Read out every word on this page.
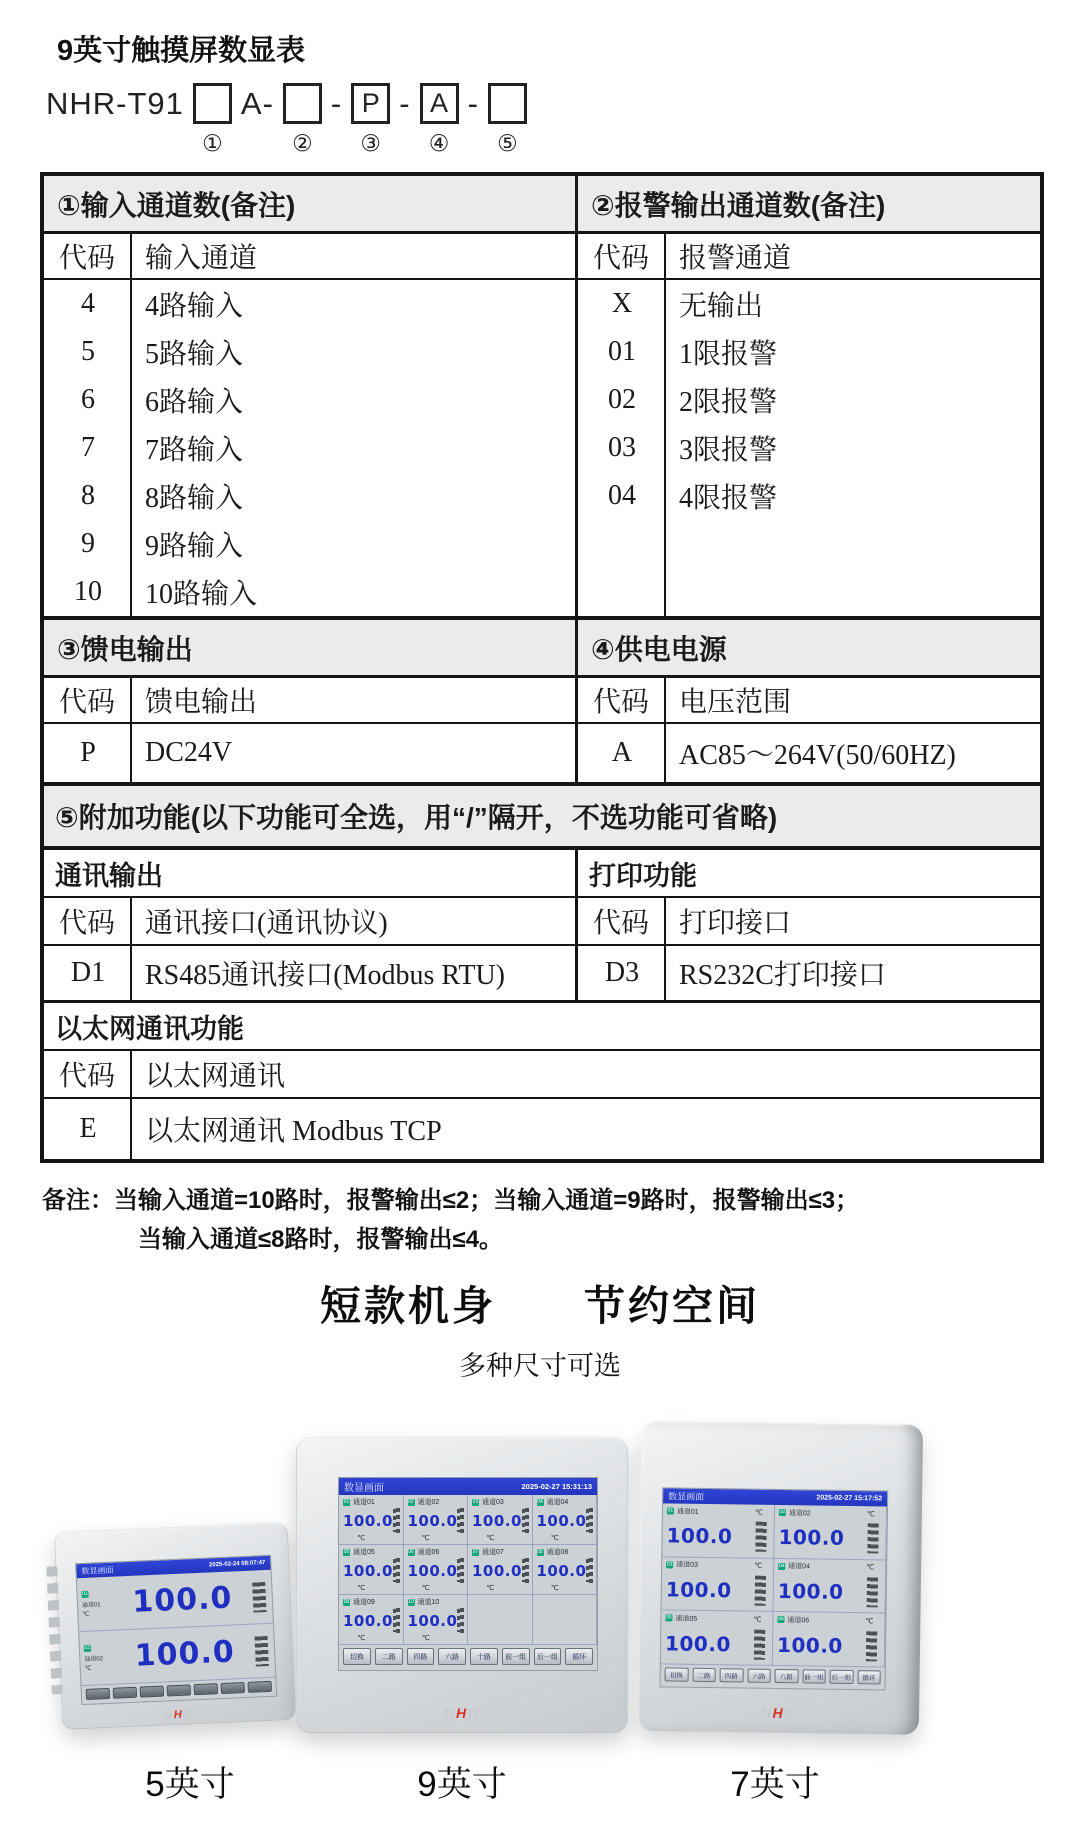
9英寸触摸屏数显表
NHR-T91
①
A-
②
- P
③
- A
④
-
⑤
①输入通道数(备注)
代码	输入通道
4	4路输入
5	5路输入
6	6路输入
7	7路输入
8	8路输入
9	9路输入
10	10路输入
②报警输出通道数(备注)
代码	报警通道
X	无输出
01	1限报警
02	2限报警
03	3限报警
04	4限报警
③馈电输出
代码	馈电输出
P	DC24V
④供电电源
代码	电压范围
A	AC85～264V(50/60HZ)
⑤附加功能(以下功能可全选，用“/”隔开，不选功能可省略)
通讯输出
代码	通讯接口(通讯协议)
D1	RS485通讯接口(Modbus RTU)
打印功能
代码	打印接口
D3	RS232C打印接口
以太网通讯功能
代码	以太网通讯
E	以太网通讯 Modbus TCP
备注：当输入通道=10路时，报警输出≤2；当输入通道=9路时，报警输出≤3；
当输入通道≤8路时，报警输出≤4。
短款机身　　节约空间
多种尺寸可选
数显画面
2025-02-24 08:07:47
01
通道01
℃	100.0
02
通道02
℃	100.0
NHR
数显画面	2025-02-27 15:31:13
01 通道01
100.0
℃
02 通道02
100.0
℃
03 通道03
100.0
℃
04 通道04
100.0
℃
05 通道05
100.0
℃
06 通道06
100.0
℃
07 通道07
100.0
℃
08 通道08
100.0
℃
09 通道09
100.0
℃
10 通道10
100.0
℃
切换	二路	四路	六路	十路	前一组	后一组	循环
NHR
数显画面	2025-02-27 15:17:52
01 通道01	℃
100.0
02 通道02	℃
100.0
03 通道03	℃
100.0
04 通道04	℃
100.0
05 通道05	℃
100.0
06 通道06	℃
100.0
切换	二路	四路	六路	八路	前一组	后一组	循环
NHR
5英寸	9英寸	7英寸
